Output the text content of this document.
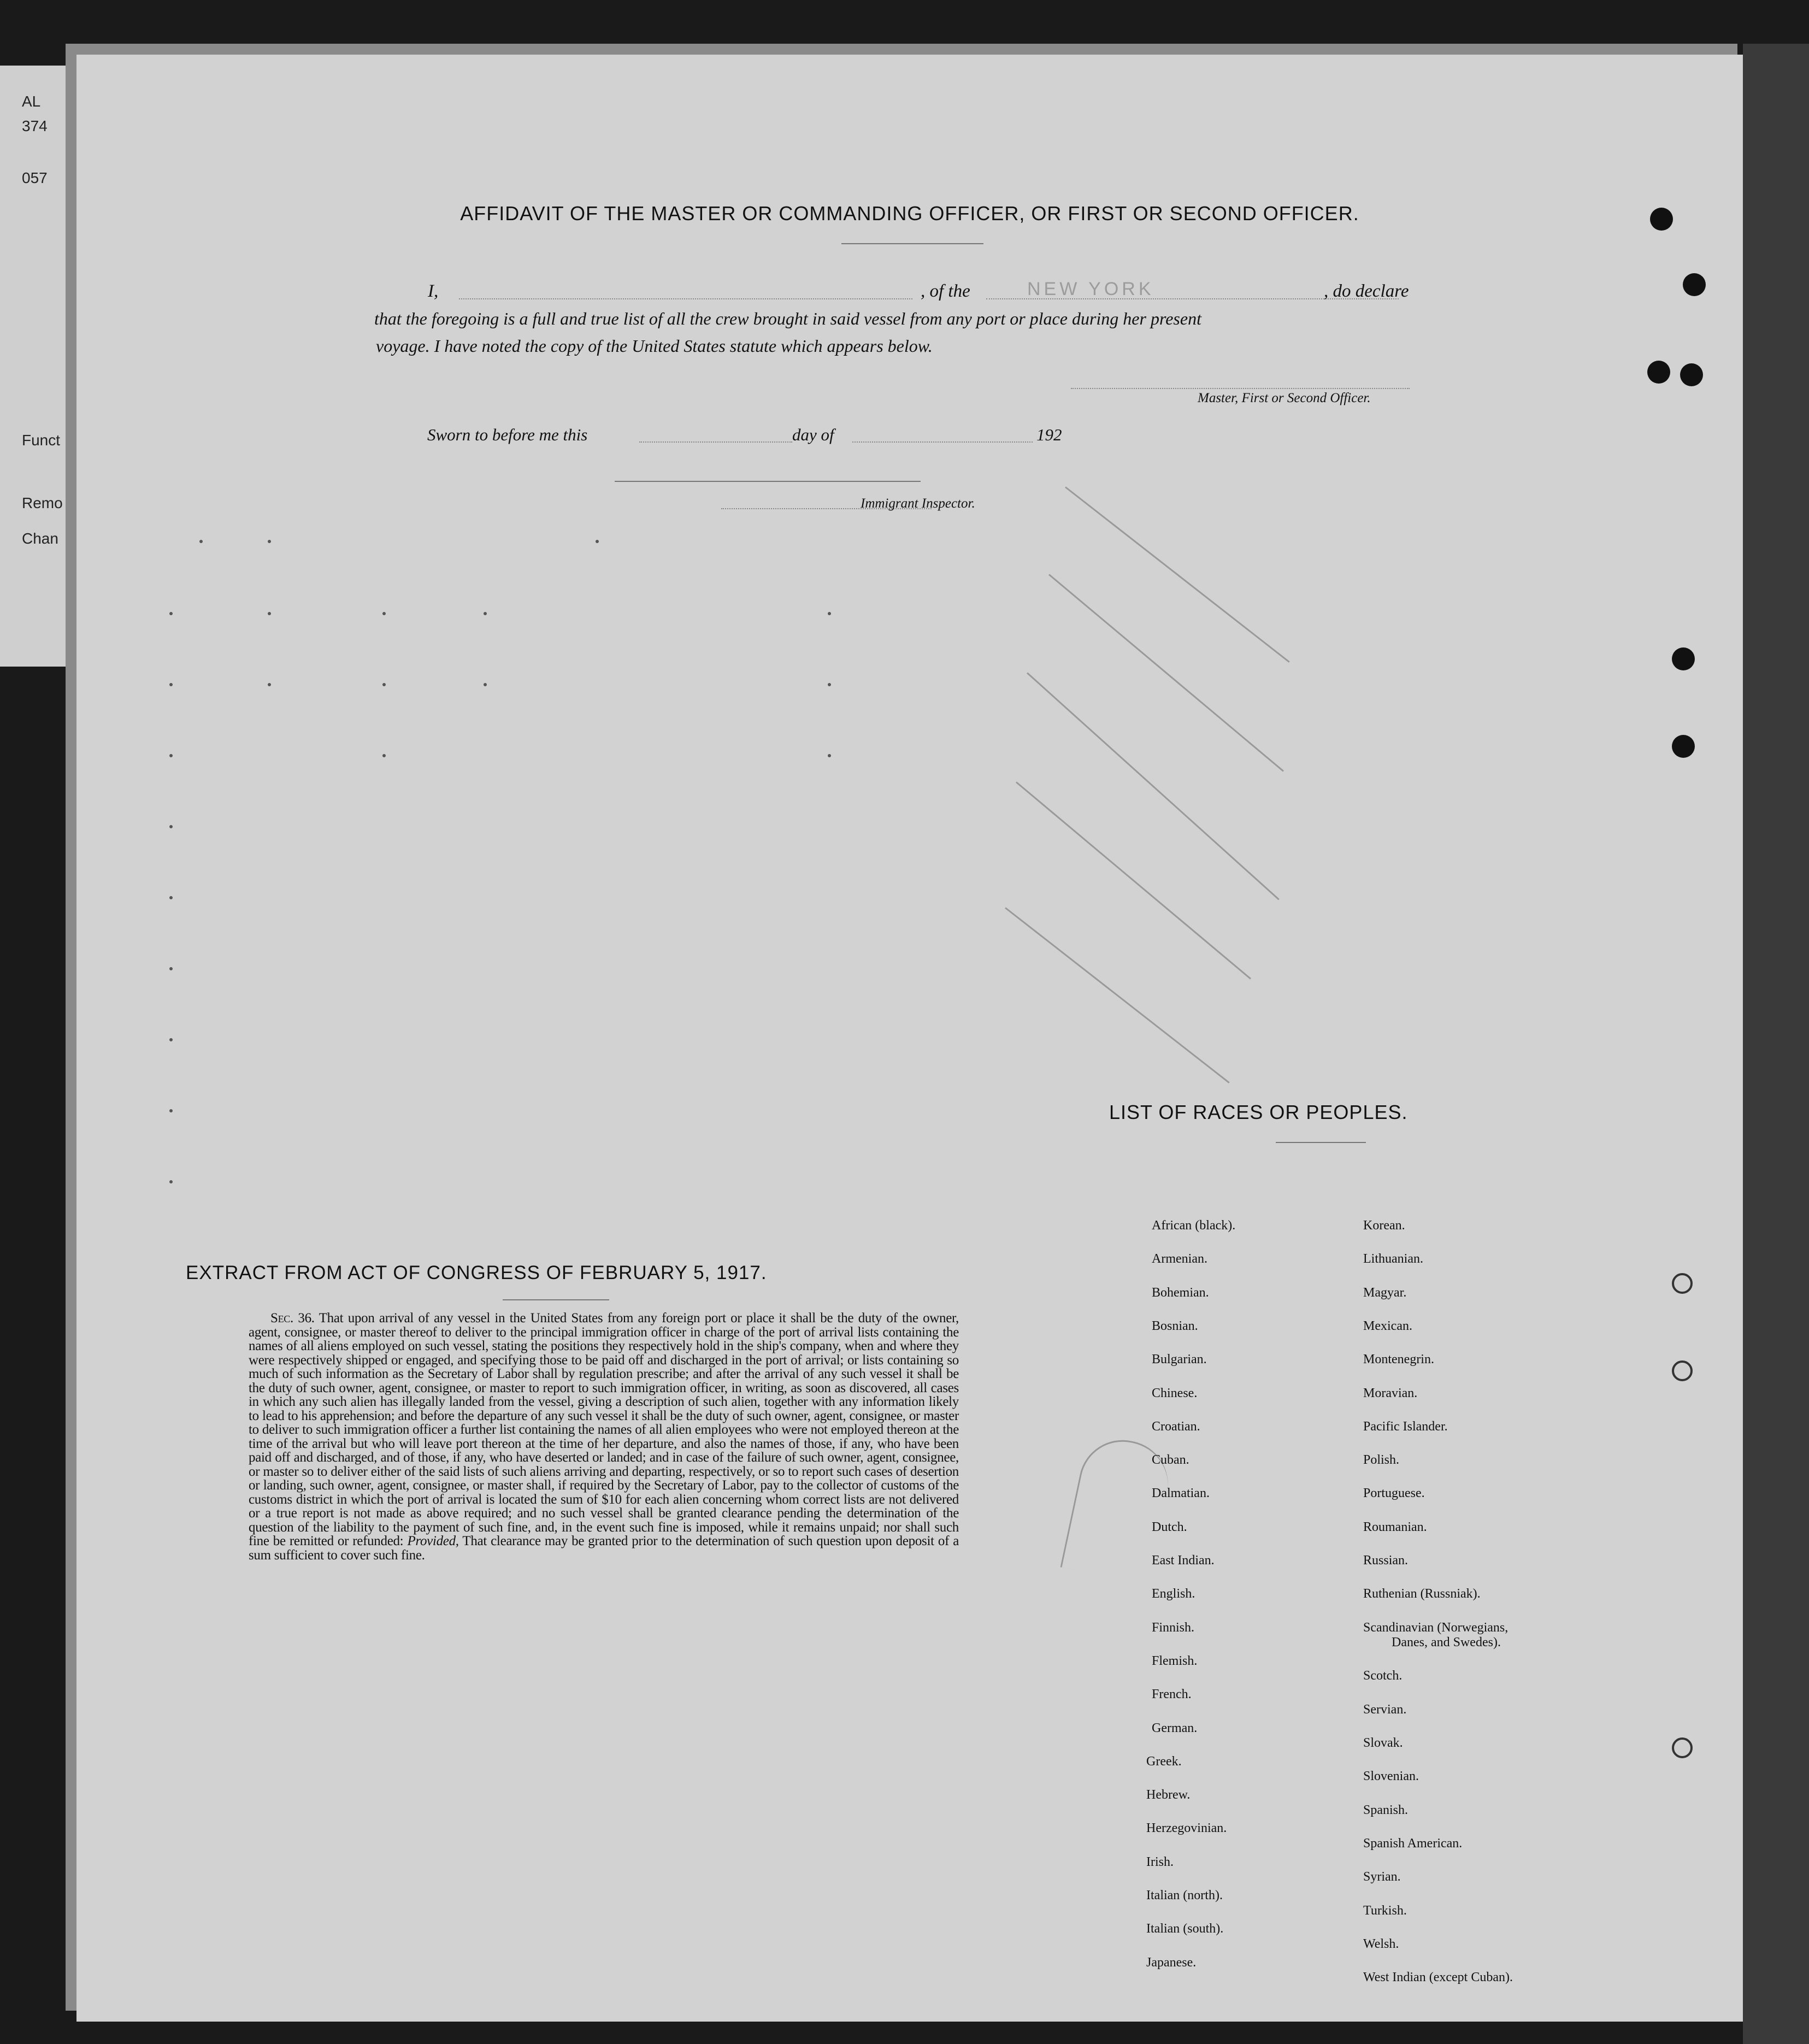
AL
374
057
Funct
Remo
Chan
AFFIDAVIT OF THE MASTER OR COMMANDING OFFICER, OR FIRST OR SECOND OFFICER.
I,	, of the	NEW YORK	, do declare
that the foregoing is a full and true list of all the crew brought in said vessel from any port or place during her present
voyage. I have noted the copy of the United States statute which appears below.
Master, First or Second Officer.
Sworn to before me this	day of	192
Immigrant Inspector.
EXTRACT FROM ACT OF CONGRESS OF FEBRUARY 5, 1917.
Sec. 36. That upon arrival of any vessel in the United States from any foreign port or place it shall be the duty of the owner, agent, consignee, or master thereof to deliver to the principal immigration officer in charge of the port of arrival lists containing the names of all aliens employed on such vessel, stating the positions they respectively hold in the ship's company, when and where they were respectively shipped or engaged, and specifying those to be paid off and discharged in the port of arrival; or lists containing so much of such information as the Secretary of Labor shall by regulation prescribe; and after the arrival of any such vessel it shall be the duty of such owner, agent, consignee, or master to report to such immigration officer, in writing, as soon as discovered, all cases in which any such alien has illegally landed from the vessel, giving a description of such alien, together with any information likely to lead to his apprehension; and before the departure of any such vessel it shall be the duty of such owner, agent, consignee, or master to deliver to such immigration officer a further list containing the names of all alien employees who were not employed thereon at the time of the arrival but who will leave port thereon at the time of her departure, and also the names of those, if any, who have been paid off and discharged, and of those, if any, who have deserted or landed; and in case of the failure of such owner, agent, consignee, or master so to deliver either of the said lists of such aliens arriving and departing, respectively, or so to report such cases of desertion or landing, such owner, agent, consignee, or master shall, if required by the Secretary of Labor, pay to the collector of customs of the customs district in which the port of arrival is located the sum of $10 for each alien concerning whom correct lists are not delivered or a true report is not made as above required; and no such vessel shall be granted clearance pending the determination of the question of the liability to the payment of such fine, and, in the event such fine is imposed, while it remains unpaid; nor shall such fine be remitted or refunded: Provided, That clearance may be granted prior to the determination of such question upon deposit of a sum sufficient to cover such fine.
LIST OF RACES OR PEOPLES.
African (black).
Armenian.
Bohemian.
Bosnian.
Bulgarian.
Chinese.
Croatian.
Cuban.
Dalmatian.
Dutch.
East Indian.
English.
Finnish.
Flemish.
French.
German.
Greek.
Hebrew.
Herzegovinian.
Irish.
Italian (north).
Italian (south).
Japanese.
Korean.
Lithuanian.
Magyar.
Mexican.
Montenegrin.
Moravian.
Pacific Islander.
Polish.
Portuguese.
Roumanian.
Russian.
Ruthenian (Russniak).
Scandinavian (Norwegians,
Danes, and Swedes).
Scotch.
Servian.
Slovak.
Slovenian.
Spanish.
Spanish American.
Syrian.
Turkish.
Welsh.
West Indian (except Cuban).
